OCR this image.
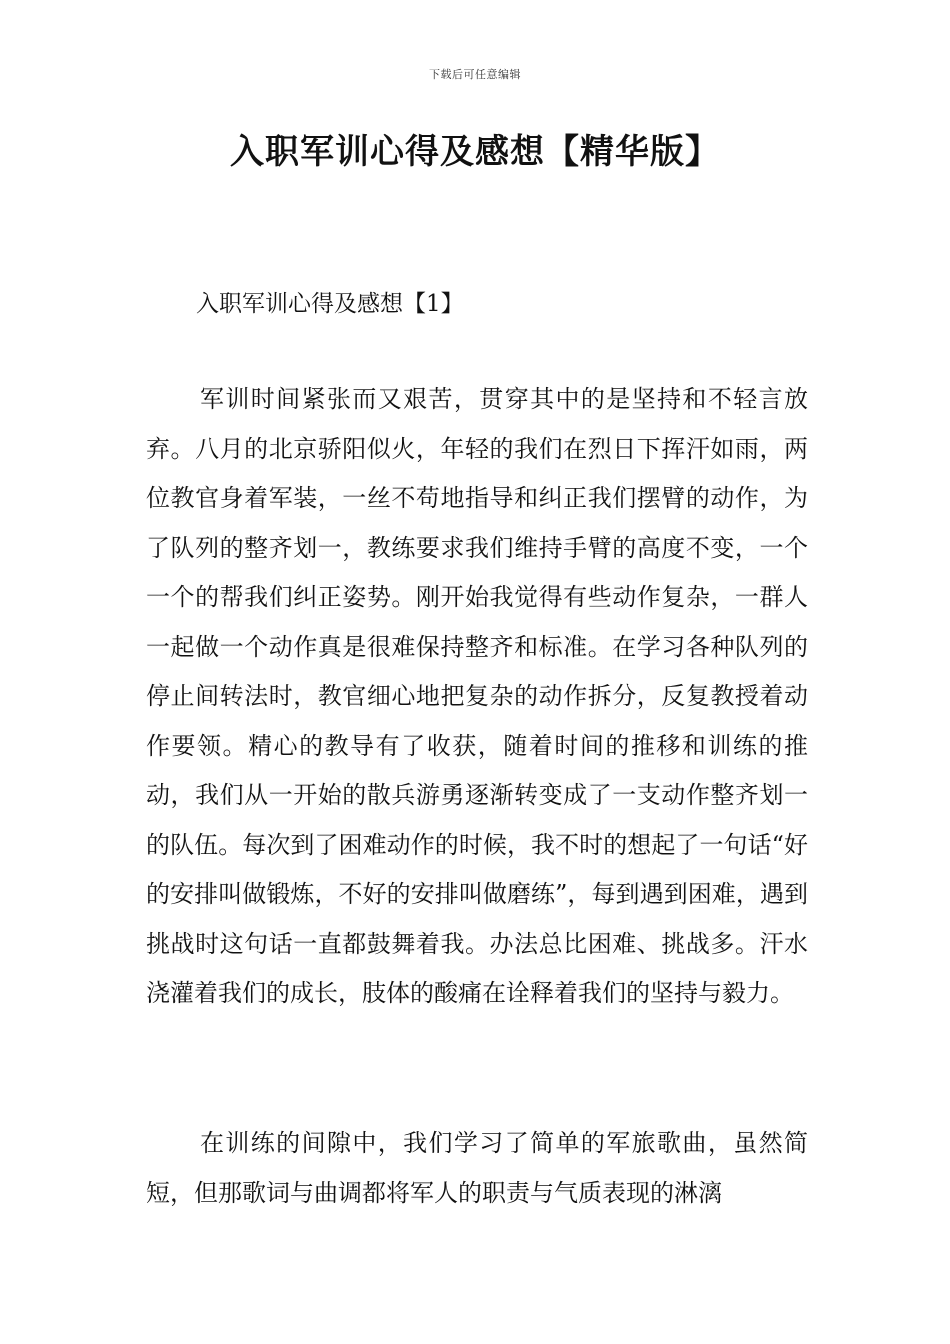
下载后可任意编辑
入职军训心得及感想【精华版】
入职军训心得及感想【1】

军训时间紧张而又艰苦，贯穿其中的是坚持和不轻言放弃。八月的北京骄阳似火，年轻的我们在烈日下挥汗如雨，两位教官身着军装，一丝不苟地指导和纠正我们摆臂的动作，为了队列的整齐划一，教练要求我们维持手臂的高度不变，一个一个的帮我们纠正姿势。刚开始我觉得有些动作复杂，一群人一起做一个动作真是很难保持整齐和标准。在学习各种队列的停止间转法时，教官细心地把复杂的动作拆分，反复教授着动作要领。精心的教导有了收获，随着时间的推移和训练的推动，我们从一开始的散兵游勇逐渐转变成了一支动作整齐划一的队伍。每次到了困难动作的时候，我不时的想起了一句话“好的安排叫做锻炼，不好的安排叫做磨练”，每到遇到困难，遇到挑战时这句话一直都鼓舞着我。办法总比困难、挑战多。汗水浇灌着我们的成长，肢体的酸痛在诠释着我们的坚持与毅力。

在训练的间隙中，我们学习了简单的军旅歌曲，虽然简短，但那歌词与曲调都将军人的职责与气质表现的淋漓
